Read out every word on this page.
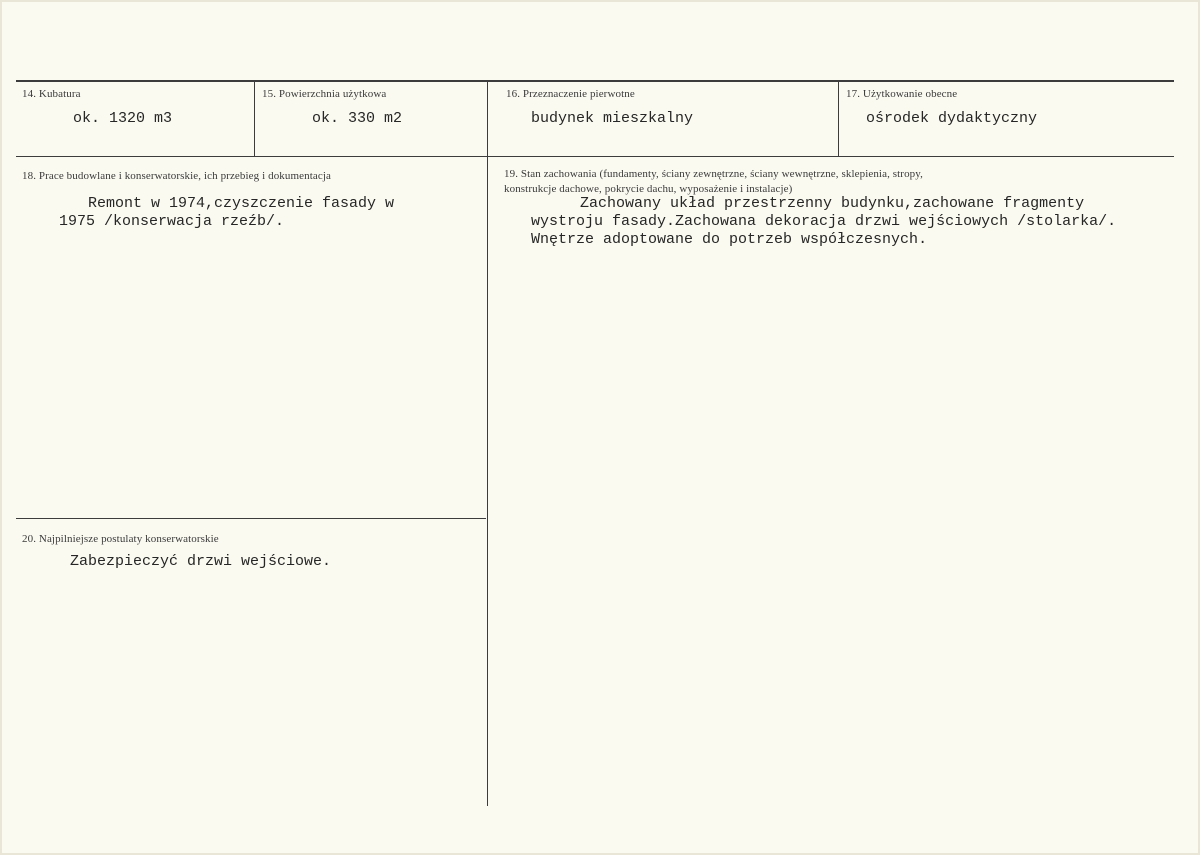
14. Kubatura
ok. 1320 m3
15. Powierzchnia użytkowa
ok. 330 m2
16. Przeznaczenie pierwotne
budynek mieszkalny
17. Użytkowanie obecne
ośrodek dydaktyczny
18. Prace budowlane i konserwatorskie, ich przebieg i dokumentacja
Remont w 1974,czyszczenie fasady w
1975 /konserwacja rzeźb/.
19. Stan zachowania (fundamenty, ściany zewnętrzne, ściany wewnętrzne, sklepienia, stropy,
konstrukcje dachowe, pokrycie dachu, wyposażenie i instalacje)
Zachowany układ przestrzenny budynku,zachowane fragmenty
wystroju fasady.Zachowana dekoracja drzwi wejściowych /stolarka/.
Wnętrze adoptowane do potrzeb współczesnych.
20. Najpilniejsze postulaty konserwatorskie
Zabezpieczyć drzwi wejściowe.
